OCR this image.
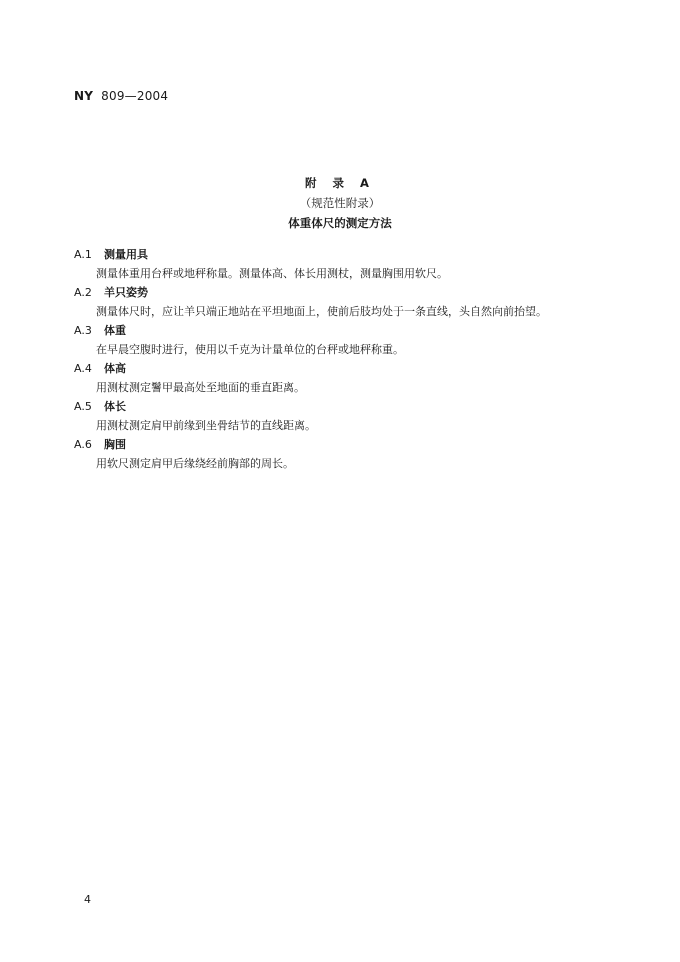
NY 809—2004
附 录 A
（规范性附录）
体重体尺的测定方法
A.1 测量用具
测量体重用台秤或地秤称量。测量体高、体长用测杖，测量胸围用软尺。
A.2 羊只姿势
测量体尺时，应让羊只端正地站在平坦地面上，使前后肢均处于一条直线，头自然向前抬望。
A.3 体重
在早晨空腹时进行，使用以千克为计量单位的台秤或地秤称重。
A.4 体高
用测杖测定鬐甲最高处至地面的垂直距离。
A.5 体长
用测杖测定肩甲前缘到坐骨结节的直线距离。
A.6 胸围
用软尺测定肩甲后缘绕经前胸部的周长。
4
